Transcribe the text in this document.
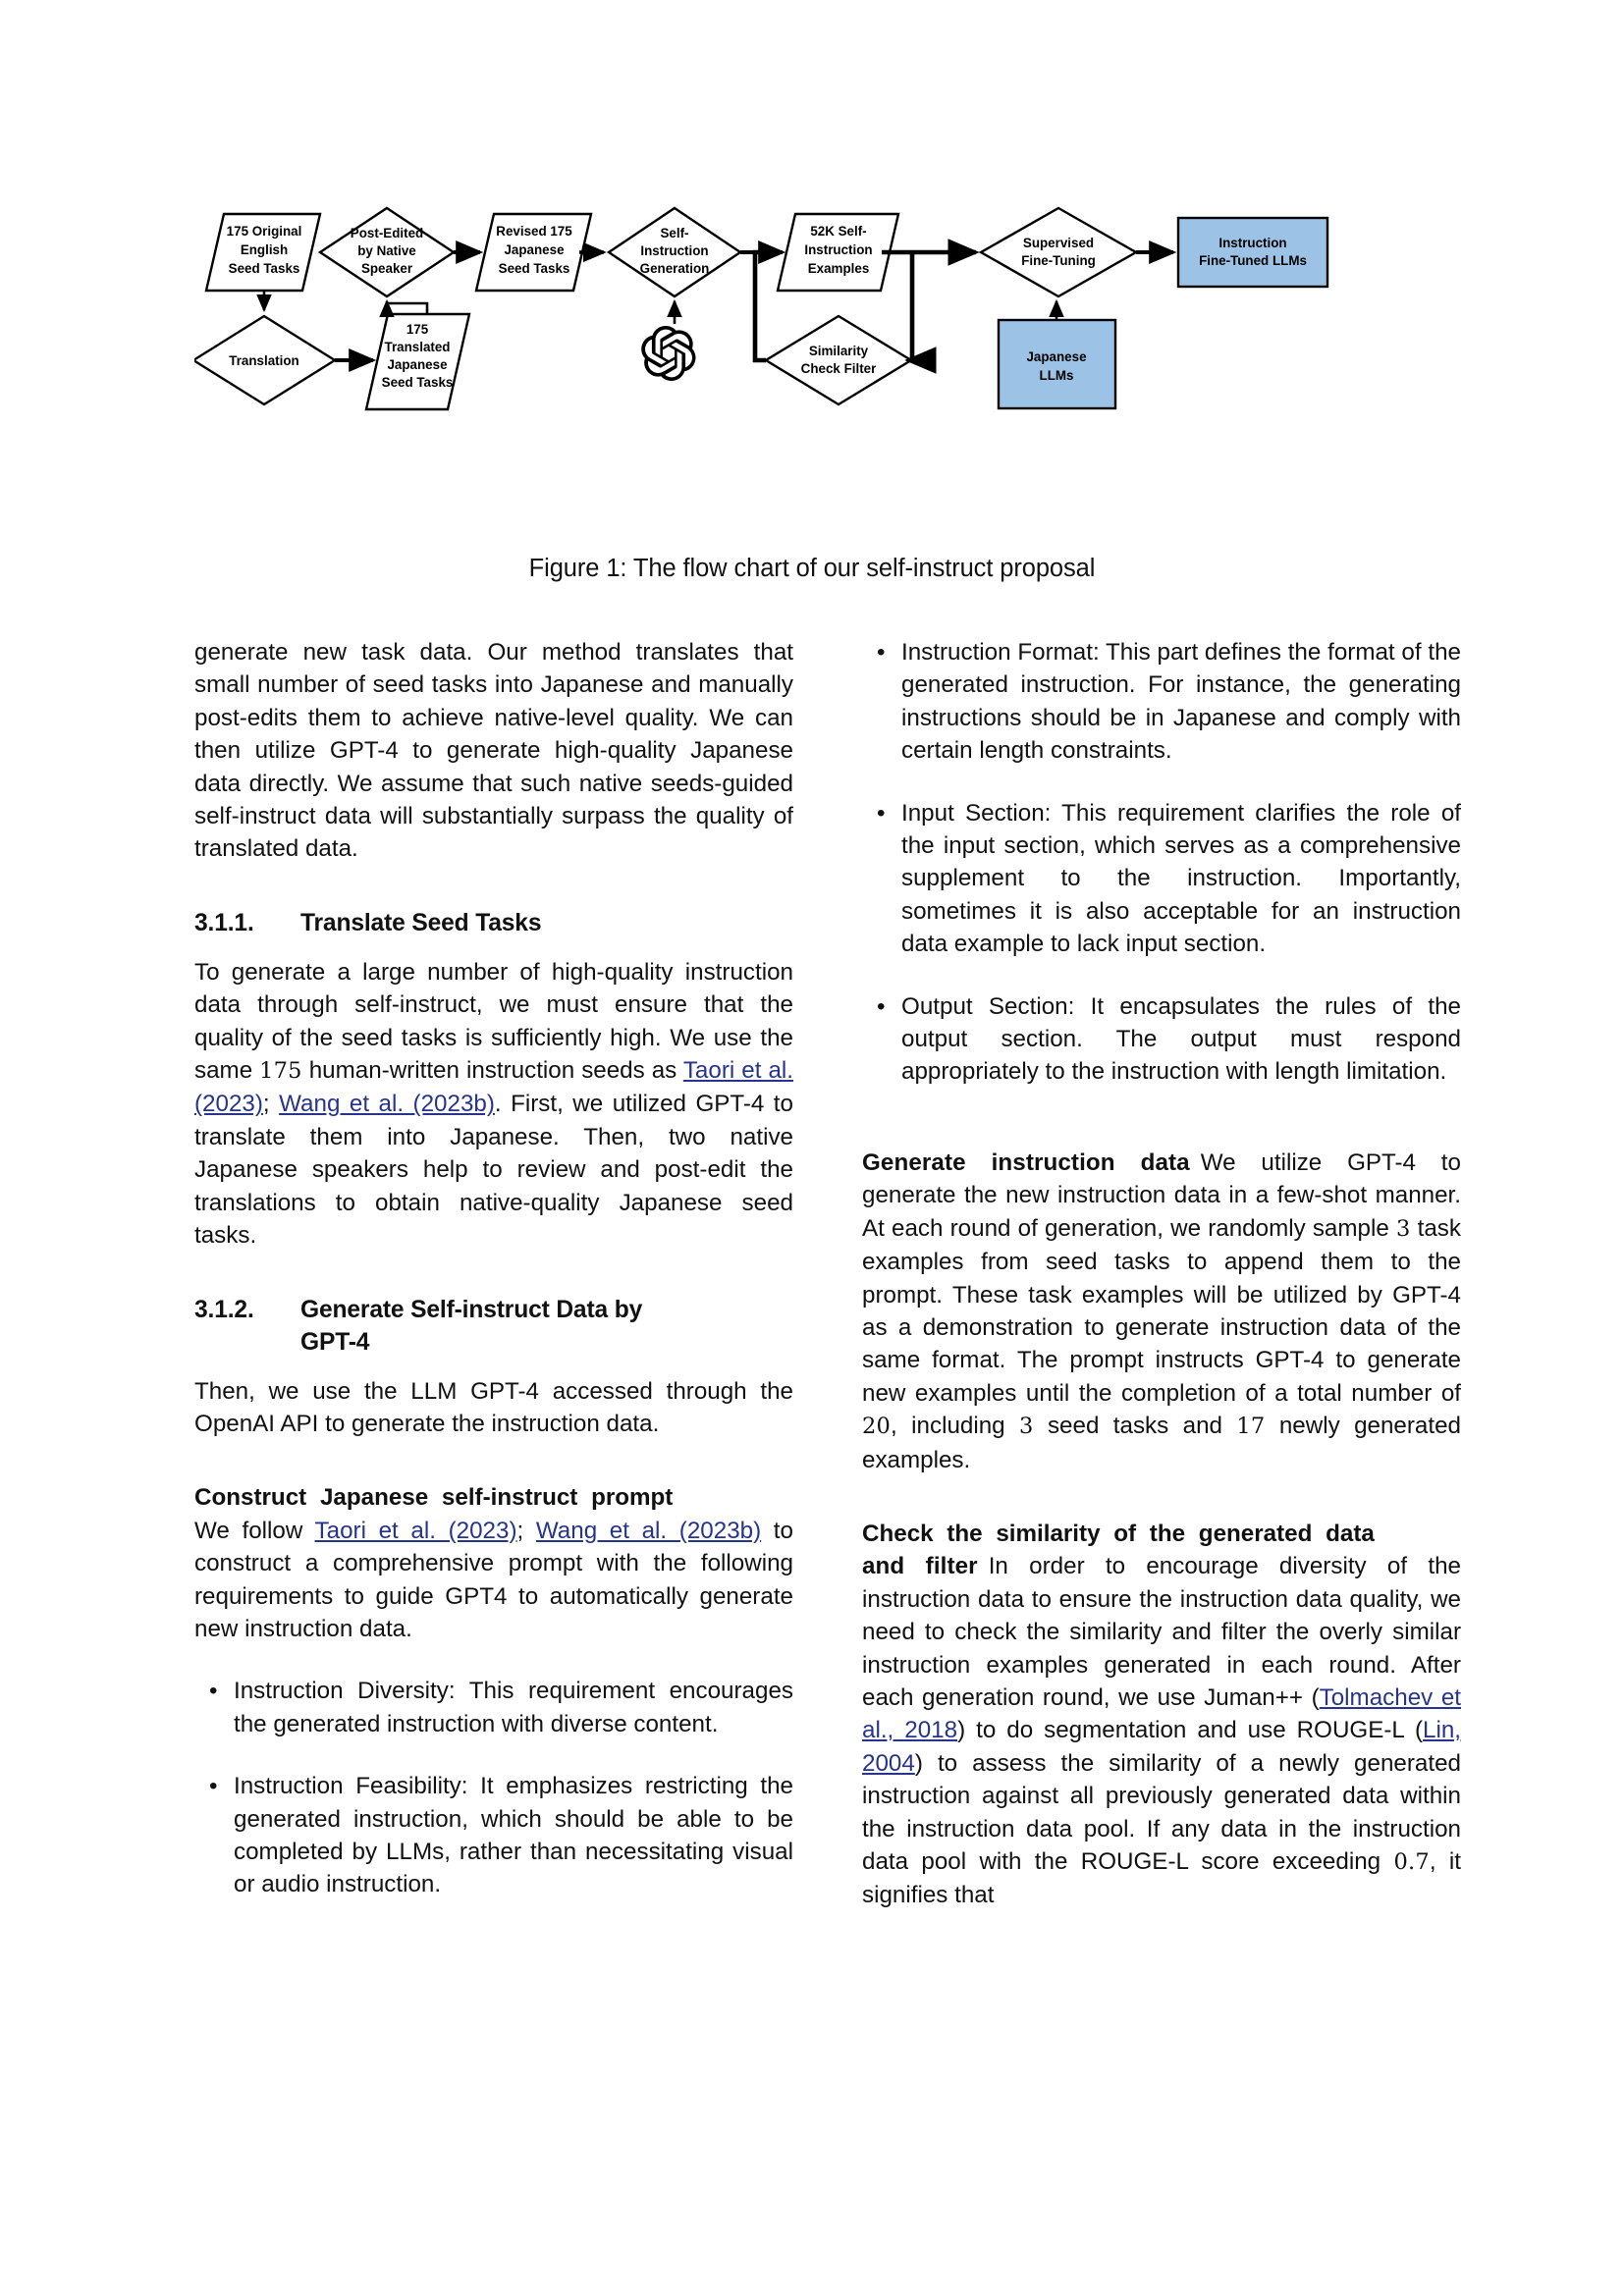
175 Original
English
Seed Tasks
Post-Edited
by Native
Speaker
Revised 175
Japanese
Seed Tasks
Self-
Instruction
Generation
52K Self-
Instruction
Examples
Supervised
Fine-Tuning
Instruction
Fine-Tuned LLMs
Translation
175
Translated
Japanese
Seed Tasks
Similarity
Check Filter
Japanese
LLMs
Figure 1: The flow chart of our self-instruct proposal

generate new task data. Our method translates that small number of seed tasks into Japanese and manually post-edits them to achieve native-level quality. We can then utilize GPT-4 to generate high-quality Japanese data directly. We assume that such native seeds-guided self-instruct data will substantially surpass the quality of translated data.

3.1.1.	Translate Seed Tasks

To generate a large number of high-quality instruction data through self-instruct, we must ensure that the quality of the seed tasks is sufficiently high. We use the same 175 human-written instruction seeds as Taori et al. (2023); Wang et al. (2023b). First, we utilized GPT-4 to translate them into Japanese. Then, two native Japanese speakers help to review and post-edit the translations to obtain native-quality Japanese seed tasks.

3.1.2.	Generate Self-instruct Data by
GPT-4

Then, we use the LLM GPT-4 accessed through the OpenAI API to generate the instruction data.

Construct Japanese self-instruct prompt
We follow Taori et al. (2023); Wang et al. (2023b) to construct a comprehensive prompt with the following requirements to guide GPT4 to automatically generate new instruction data.

• Instruction Diversity: This requirement encourages the generated instruction with diverse content.
• Instruction Feasibility: It emphasizes restricting the generated instruction, which should be able to be completed by LLMs, rather than necessitating visual or audio instruction.
• Instruction Format: This part defines the format of the generated instruction. For instance, the generating instructions should be in Japanese and comply with certain length constraints.
• Input Section: This requirement clarifies the role of the input section, which serves as a comprehensive supplement to the instruction. Importantly, sometimes it is also acceptable for an instruction data example to lack input section.
• Output Section: It encapsulates the rules of the output section. The output must respond appropriately to the instruction with length limitation.

Generate instruction data We utilize GPT-4 to generate the new instruction data in a few-shot manner. At each round of generation, we randomly sample 3 task examples from seed tasks to append them to the prompt. These task examples will be utilized by GPT-4 as a demonstration to generate instruction data of the same format. The prompt instructs GPT-4 to generate new examples until the completion of a total number of 20, including 3 seed tasks and 17 newly generated examples.

Check the similarity of the generated data
and filter In order to encourage diversity of the instruction data to ensure the instruction data quality, we need to check the similarity and filter the overly similar instruction examples generated in each round. After each generation round, we use Juman++ (Tolmachev et al., 2018) to do segmentation and use ROUGE-L (Lin, 2004) to assess the similarity of a newly generated instruction against all previously generated data within the instruction data pool. If any data in the instruction data pool with the ROUGE-L score exceeding 0.7, it signifies that
